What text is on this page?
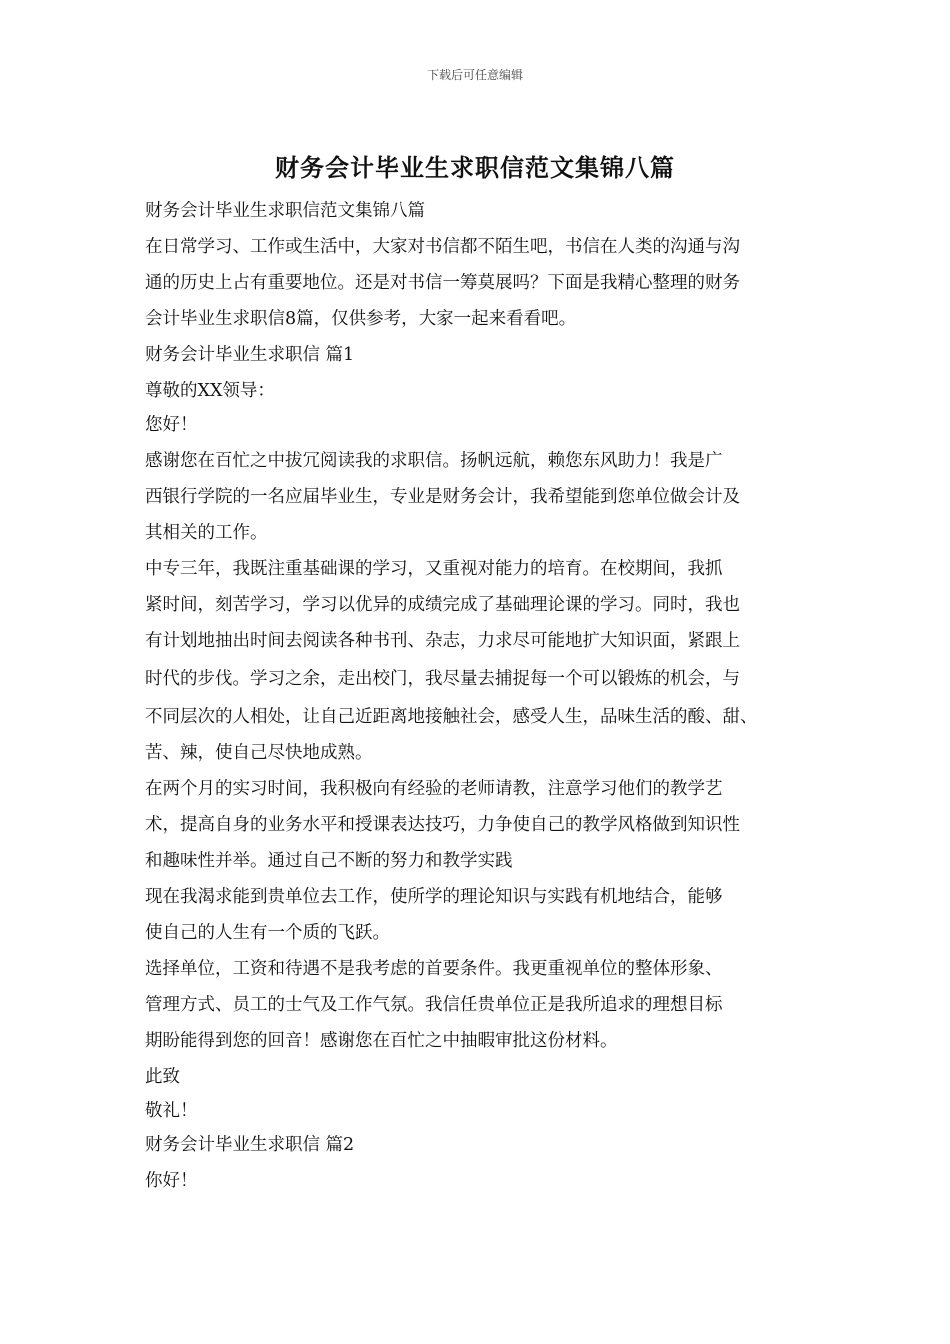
下载后可任意编辑
财务会计毕业生求职信范文集锦八篇
财务会计毕业生求职信范文集锦八篇
在日常学习、工作或生活中，大家对书信都不陌生吧，书信在人类的沟通与沟
通的历史上占有重要地位。还是对书信一筹莫展吗？下面是我精心整理的财务
会计毕业生求职信8篇，仅供参考，大家一起来看看吧。
财务会计毕业生求职信 篇1
尊敬的XX领导：
您好！
感谢您在百忙之中拔冗阅读我的求职信。扬帆远航，赖您东风助力！我是广
西银行学院的一名应届毕业生，专业是财务会计，我希望能到您单位做会计及
其相关的工作。
中专三年，我既注重基础课的学习，又重视对能力的培育。在校期间，我抓
紧时间，刻苦学习，学习以优异的成绩完成了基础理论课的学习。同时，我也
有计划地抽出时间去阅读各种书刊、杂志，力求尽可能地扩大知识面，紧跟上
时代的步伐。学习之余，走出校门，我尽量去捕捉每一个可以锻炼的机会，与
不同层次的人相处，让自己近距离地接触社会，感受人生，品味生活的酸、甜、
苦、辣，使自己尽快地成熟。
在两个月的实习时间，我积极向有经验的老师请教，注意学习他们的教学艺
术，提高自身的业务水平和授课表达技巧，力争使自己的教学风格做到知识性
和趣味性并举。通过自己不断的努力和教学实践
现在我渴求能到贵单位去工作，使所学的理论知识与实践有机地结合，能够
使自己的人生有一个质的飞跃。
选择单位，工资和待遇不是我考虑的首要条件。我更重视单位的整体形象、
管理方式、员工的士气及工作气氛。我信任贵单位正是我所追求的理想目标
期盼能得到您的回音！感谢您在百忙之中抽暇审批这份材料。
此致
敬礼！
财务会计毕业生求职信 篇2
你好！
